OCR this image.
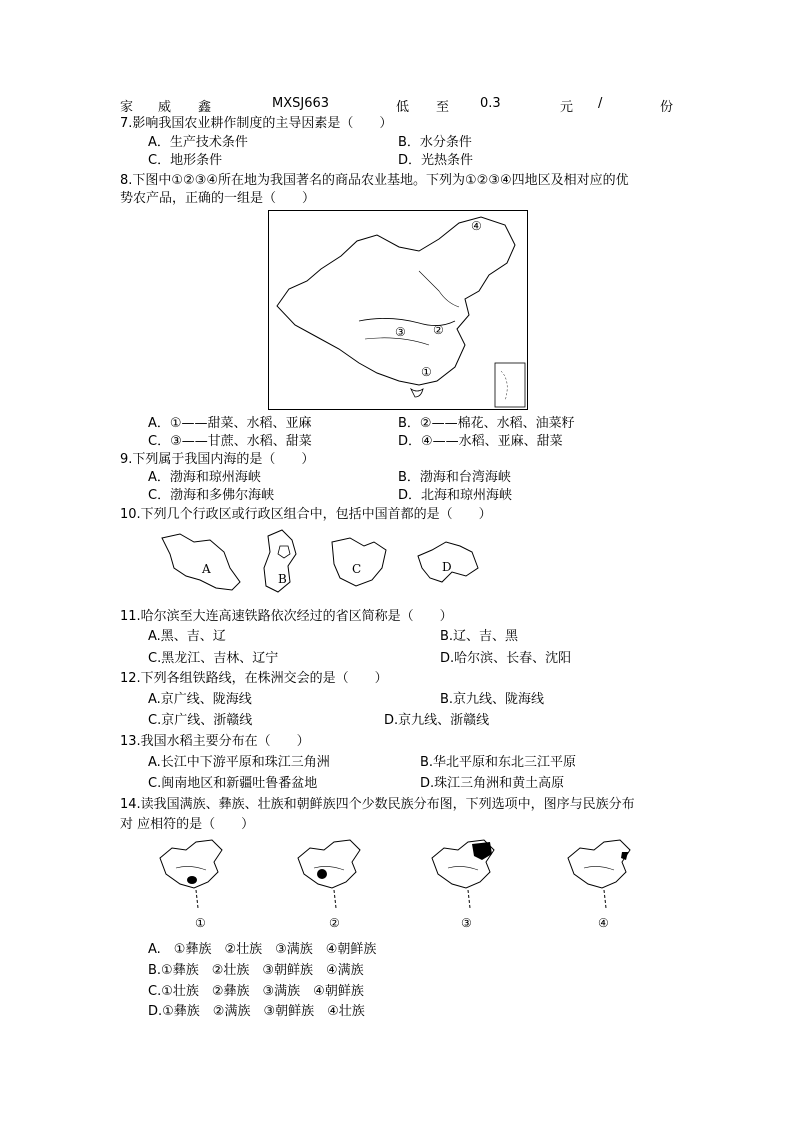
家 威 鑫	MXSJ663	低 至 0.3	元 /	份
7.影响我国农业耕作制度的主导因素是（　　）
A．生产技术条件	B．水分条件
C．地形条件	D．光热条件
8.下图中①②③④所在地为我国著名的商品农业基地。下列为①②③④四地区及相对应的优
势农产品，正确的一组是（　　）
④
③ ②
①
A．①——甜菜、水稻、亚麻	B．②——棉花、水稻、油菜籽
C．③——甘蔗、水稻、甜菜	D．④——水稻、亚麻、甜菜
9.下列属于我国内海的是（　　）
A．渤海和琼州海峡	B．渤海和台湾海峡
C．渤海和多佛尔海峡	D．北海和琼州海峡
10.下列几个行政区或行政区组合中，包括中国首都的是（　　）
A
B
C	D
11.哈尔滨至大连高速铁路依次经过的省区简称是（　　）
A.黑、吉、辽	B.辽、吉、黑
C.黑龙江、吉林、辽宁	D.哈尔滨、长春、沈阳
12.下列各组铁路线，在株洲交会的是（　　）
A.京广线、陇海线	B.京九线、陇海线
C.京广线、浙赣线	D.京九线、浙赣线
13.我国水稻主要分布在（　　）
A.长江中下游平原和珠江三角洲	B.华北平原和东北三江平原
C.闽南地区和新疆吐鲁番盆地	D.珠江三角洲和黄土高原
14.读我国满族、彝族、壮族和朝鲜族四个少数民族分布图，下列选项中，图序与民族分布
对 应相符的是（　　）
①	②	③	④
A.　①彝族　②壮族　③满族　④朝鲜族
B.①彝族　②壮族　③朝鲜族　④满族
C.①壮族　②彝族　③满族　④朝鲜族
D.①彝族　②满族　③朝鲜族　④壮族
